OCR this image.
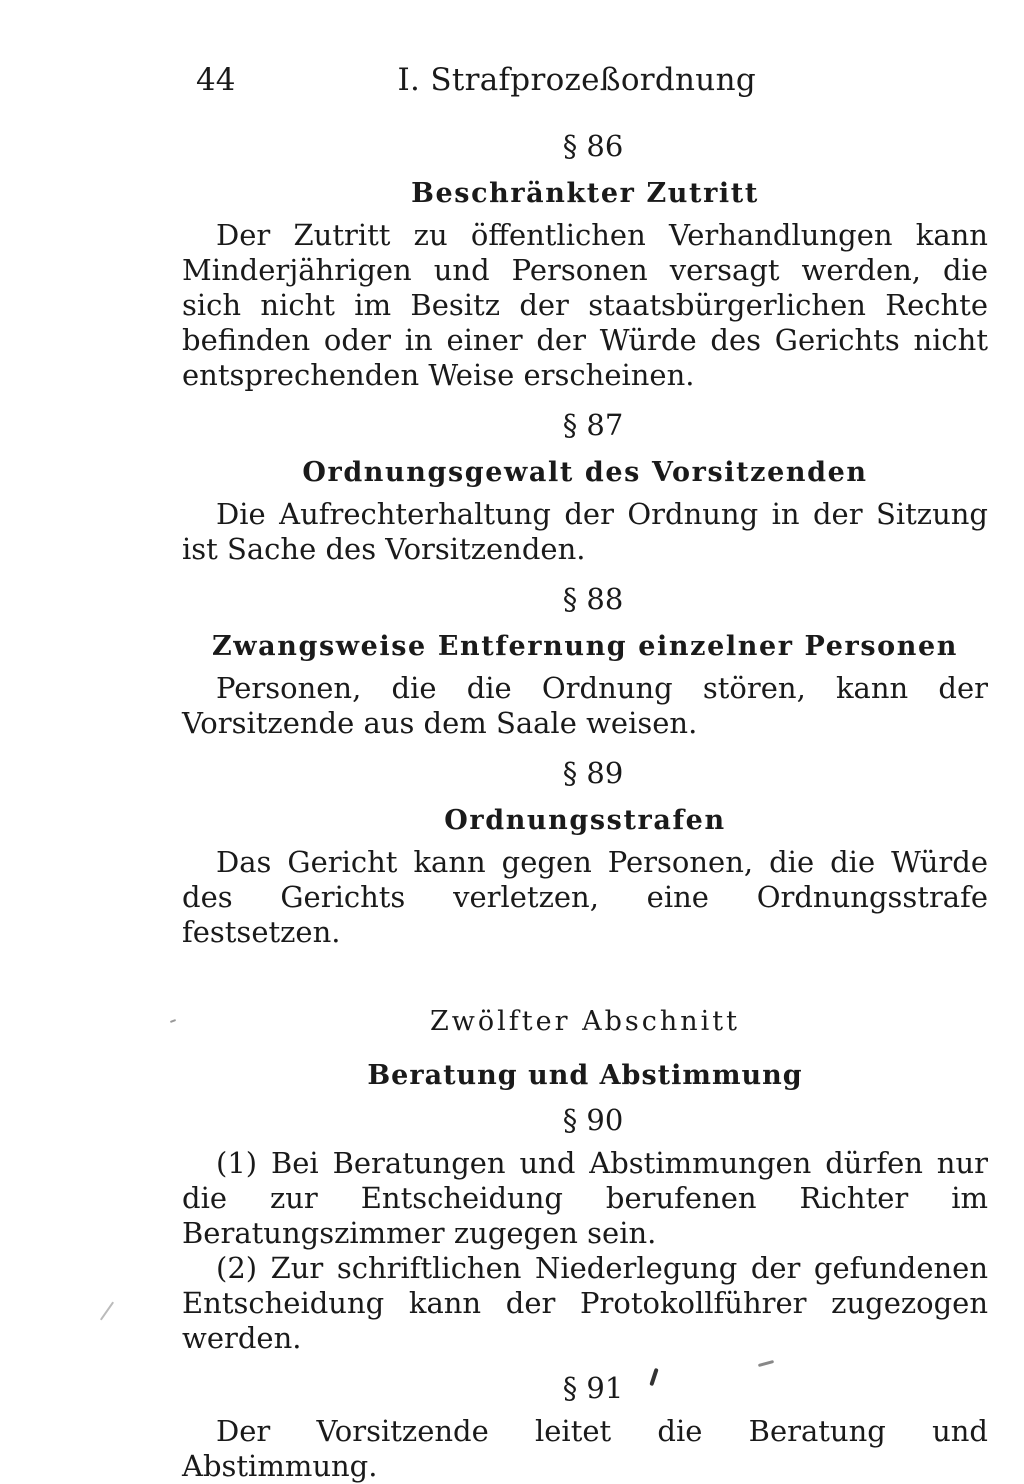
44	I. Strafprozeßordnung
§ 86
Beschränkter Zutritt

Der Zutritt zu öffentlichen Verhandlungen kann Minderjährigen und Personen versagt werden, die sich nicht im Besitz der staatsbürgerlichen Rechte befinden oder in einer der Würde des Gerichts nicht entsprechenden Weise erscheinen.

§ 87
Ordnungsgewalt des Vorsitzenden

Die Aufrechterhaltung der Ordnung in der Sitzung ist Sache des Vorsitzenden.

§ 88
Zwangsweise Entfernung einzelner Personen

Personen, die die Ordnung stören, kann der Vorsitzende aus dem Saale weisen.

§ 89
Ordnungsstrafen

Das Gericht kann gegen Personen, die die Würde des Gerichts verletzen, eine Ordnungsstrafe festsetzen.

Zwölfter Abschnitt
Beratung und Abstimmung
§ 90

(1) Bei Beratungen und Abstimmungen dürfen nur die zur Entscheidung berufenen Richter im Beratungszimmer zugegen sein.

(2) Zur schriftlichen Niederlegung der gefundenen Entscheidung kann der Protokollführer zugezogen werden.

§ 91

Der Vorsitzende leitet die Beratung und Abstimmung.
